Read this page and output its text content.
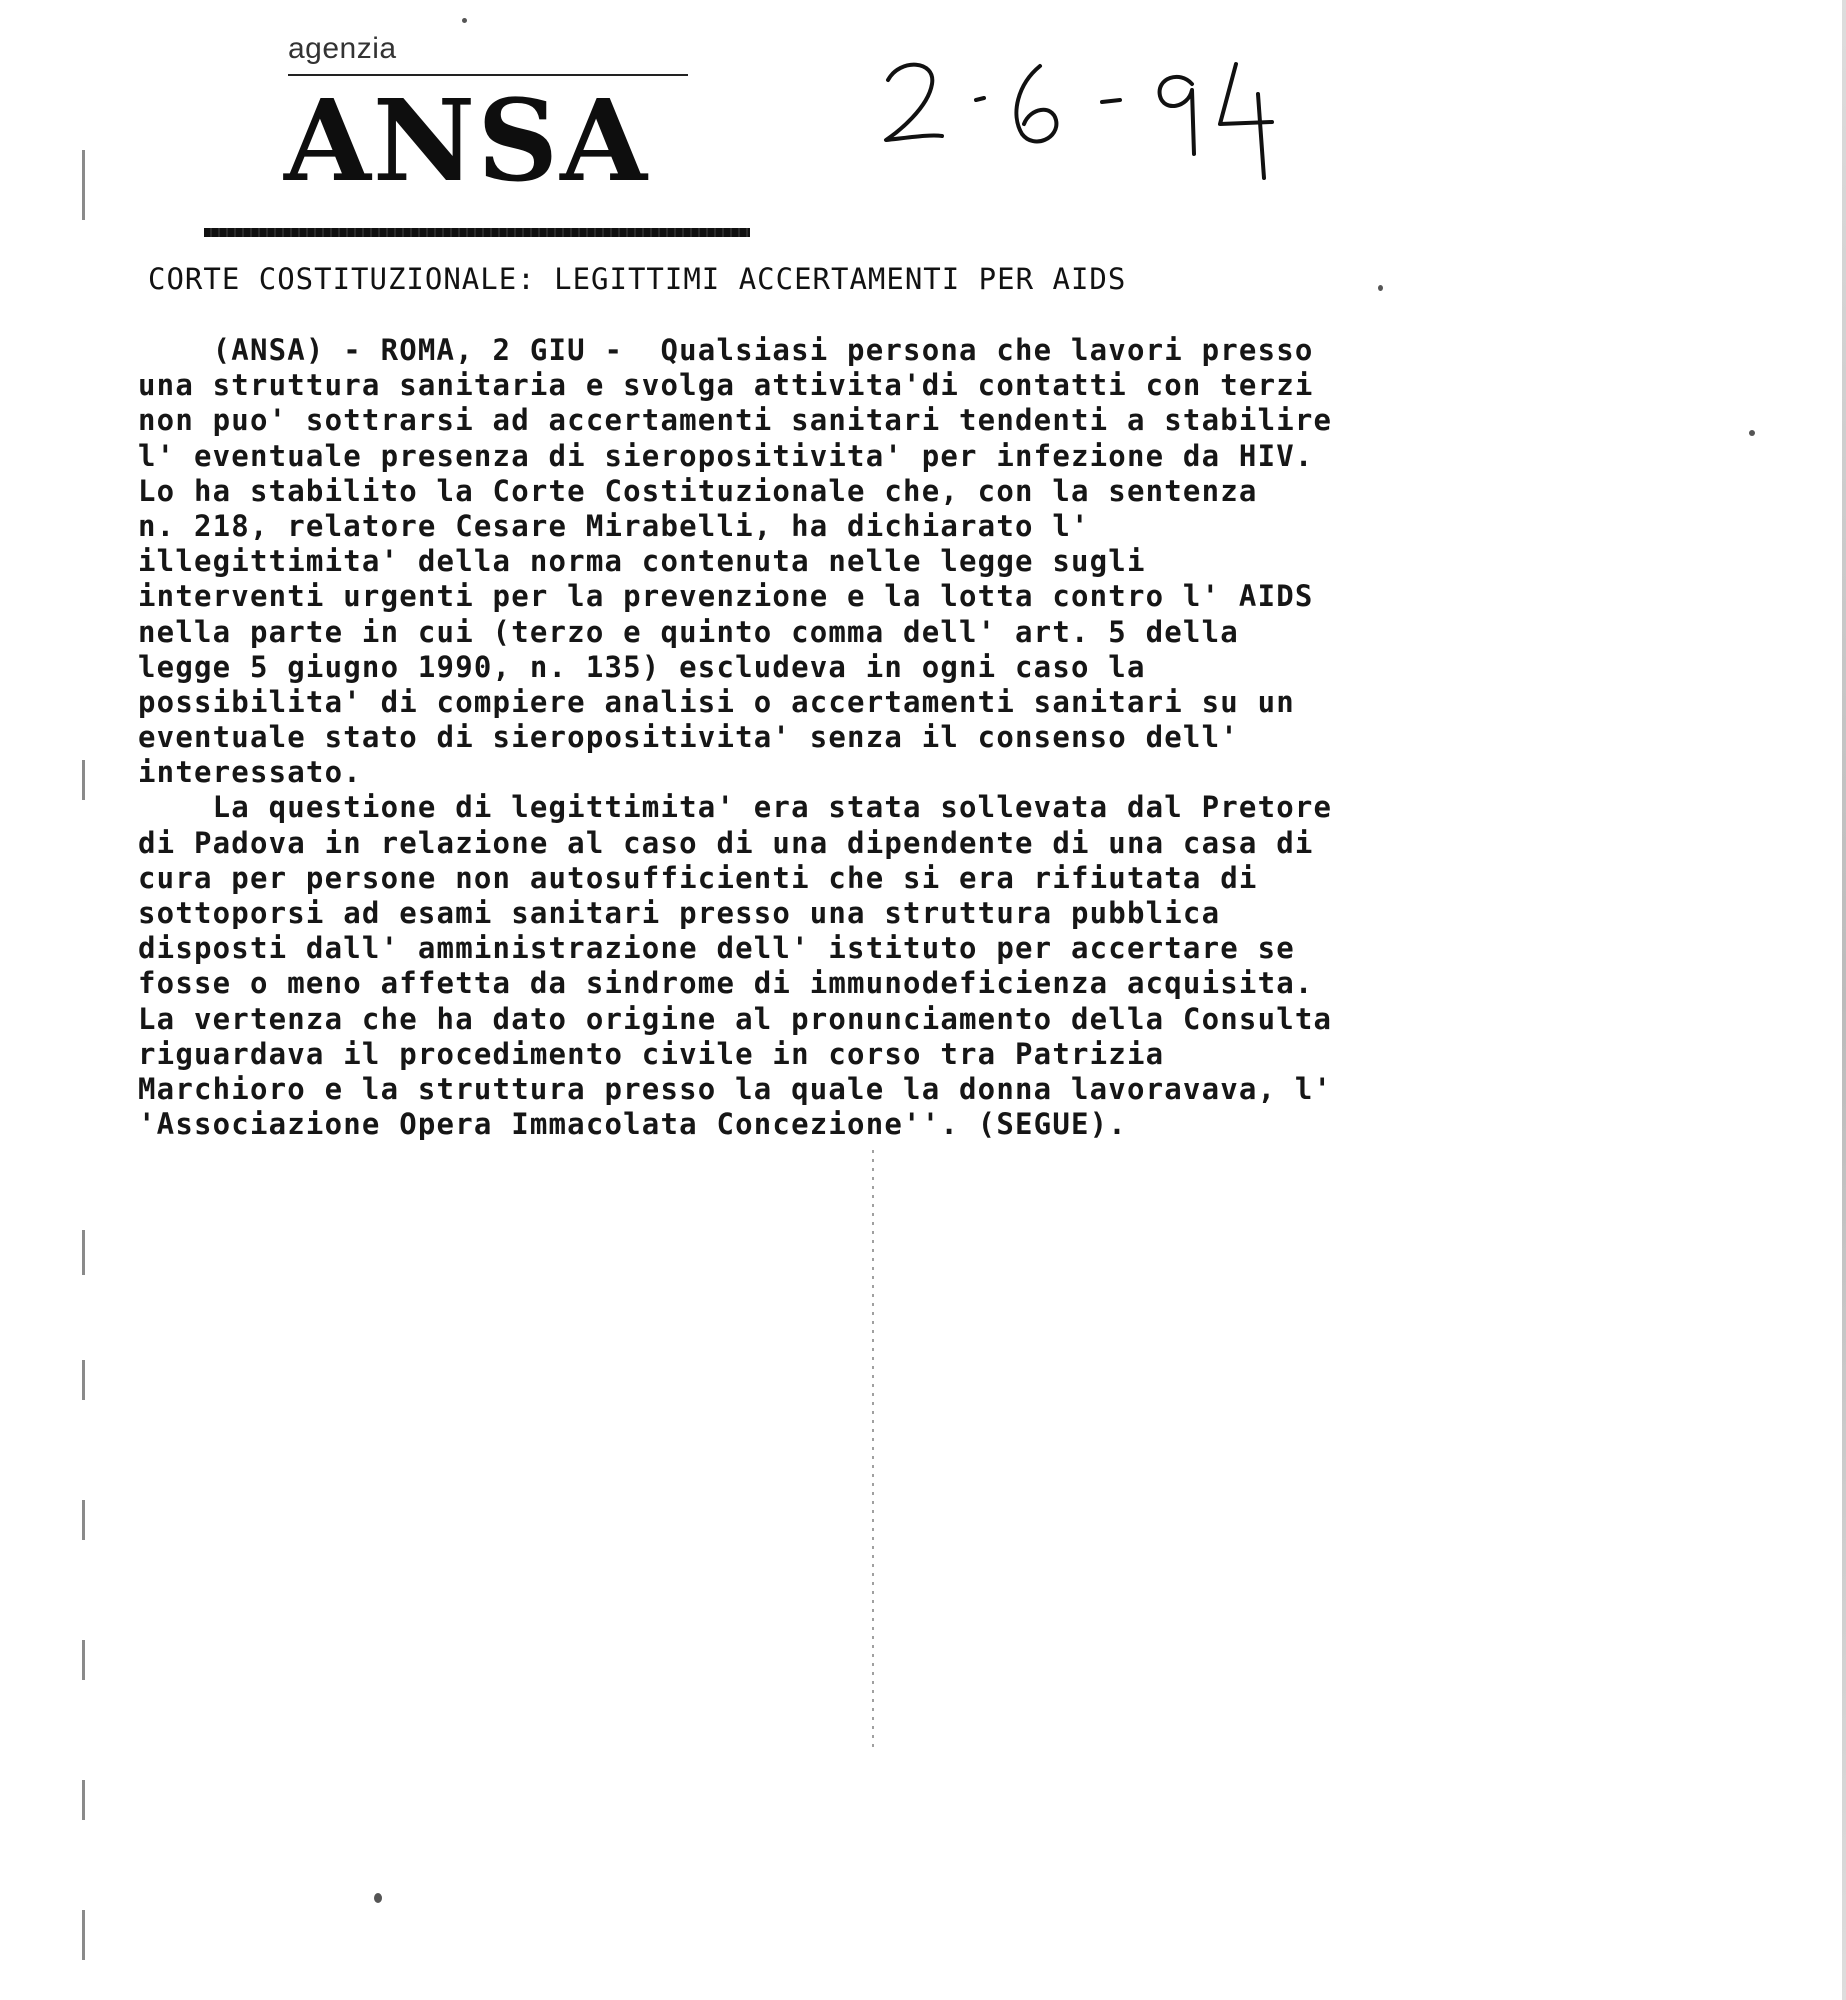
agenzia
ANSA
CORTE COSTITUZIONALE: LEGITTIMI ACCERTAMENTI PER AIDS
(ANSA) - ROMA, 2 GIU -  Qualsiasi persona che lavori presso
una struttura sanitaria e svolga attivita'di contatti con terzi
non puo' sottrarsi ad accertamenti sanitari tendenti a stabilire
l' eventuale presenza di sieropositivita' per infezione da HIV.
Lo ha stabilito la Corte Costituzionale che, con la sentenza
n. 218, relatore Cesare Mirabelli, ha dichiarato l'
illegittimita' della norma contenuta nelle legge sugli
interventi urgenti per la prevenzione e la lotta contro l' AIDS
nella parte in cui (terzo e quinto comma dell' art. 5 della
legge 5 giugno 1990, n. 135) escludeva in ogni caso la
possibilita' di compiere analisi o accertamenti sanitari su un
eventuale stato di sieropositivita' senza il consenso dell'
interessato.
La questione di legittimita' era stata sollevata dal Pretore
di Padova in relazione al caso di una dipendente di una casa di
cura per persone non autosufficienti che si era rifiutata di
sottoporsi ad esami sanitari presso una struttura pubblica
disposti dall' amministrazione dell' istituto per accertare se
fosse o meno affetta da sindrome di immunodeficienza acquisita.
La vertenza che ha dato origine al pronunciamento della Consulta
riguardava il procedimento civile in corso tra Patrizia
Marchioro e la struttura presso la quale la donna lavoravava, l'
'Associazione Opera Immacolata Concezione''. (SEGUE).
